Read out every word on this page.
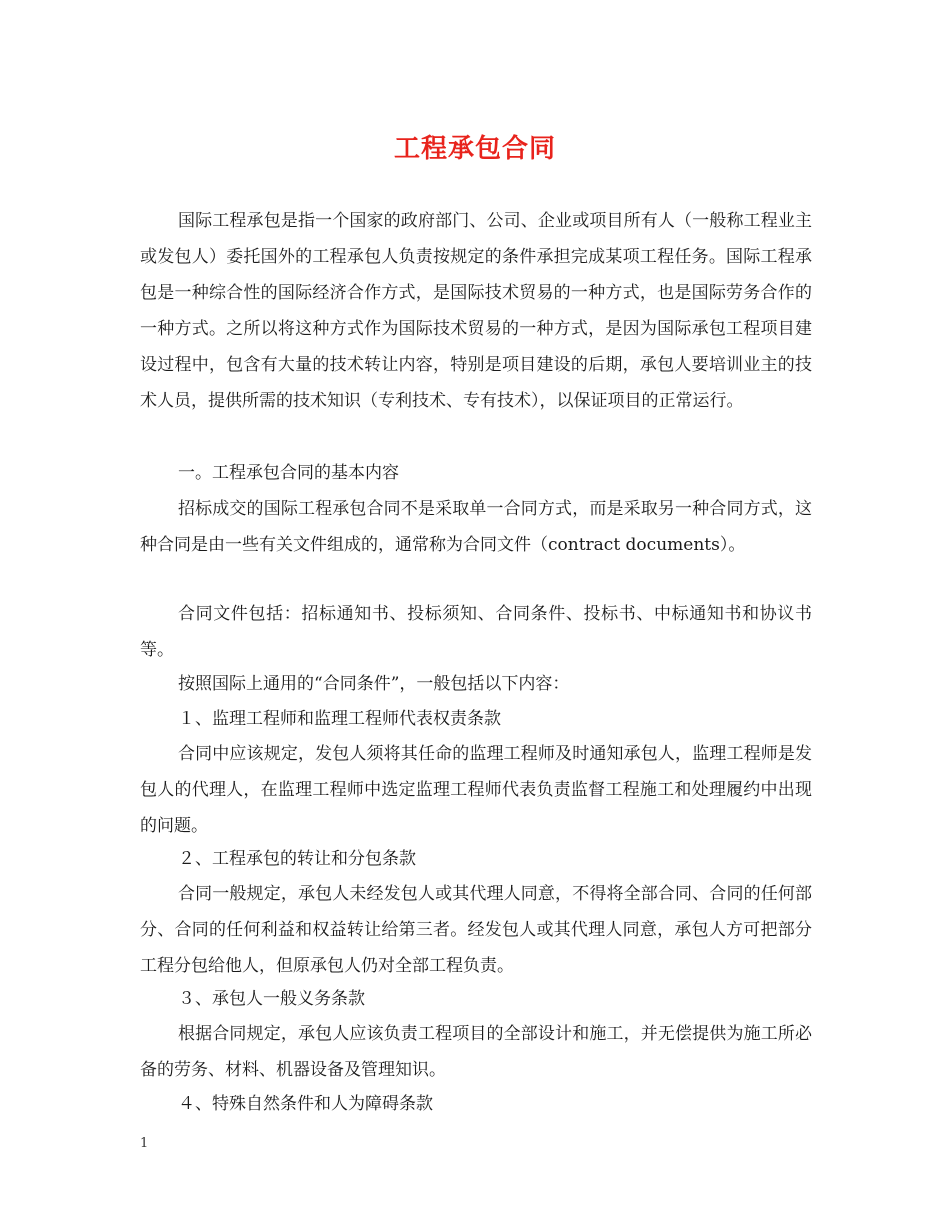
工程承包合同
国际工程承包是指一个国家的政府部门、公司、企业或项目所有人（一般称工程业主或发包人）委托国外的工程承包人负责按规定的条件承担完成某项工程任务。国际工程承包是一种综合性的国际经济合作方式，是国际技术贸易的一种方式，也是国际劳务合作的一种方式。之所以将这种方式作为国际技术贸易的一种方式，是因为国际承包工程项目建设过程中，包含有大量的技术转让内容，特别是项目建设的后期，承包人要培训业主的技术人员，提供所需的技术知识（专利技术、专有技术），以保证项目的正常运行。
一。工程承包合同的基本内容
招标成交的国际工程承包合同不是采取单一合同方式，而是采取另一种合同方式，这种合同是由一些有关文件组成的，通常称为合同文件（contract documents）。
合同文件包括：招标通知书、投标须知、合同条件、投标书、中标通知书和协议书等。
按照国际上通用的“合同条件”，一般包括以下内容：
１、监理工程师和监理工程师代表权责条款
合同中应该规定，发包人须将其任命的监理工程师及时通知承包人，监理工程师是发包人的代理人，在监理工程师中选定监理工程师代表负责监督工程施工和处理履约中出现的问题。
２、工程承包的转让和分包条款
合同一般规定，承包人未经发包人或其代理人同意，不得将全部合同、合同的任何部分、合同的任何利益和权益转让给第三者。经发包人或其代理人同意，承包人方可把部分工程分包给他人，但原承包人仍对全部工程负责。
３、承包人一般义务条款
根据合同规定，承包人应该负责工程项目的全部设计和施工，并无偿提供为施工所必备的劳务、材料、机器设备及管理知识。
４、特殊自然条件和人为障碍条款
1
